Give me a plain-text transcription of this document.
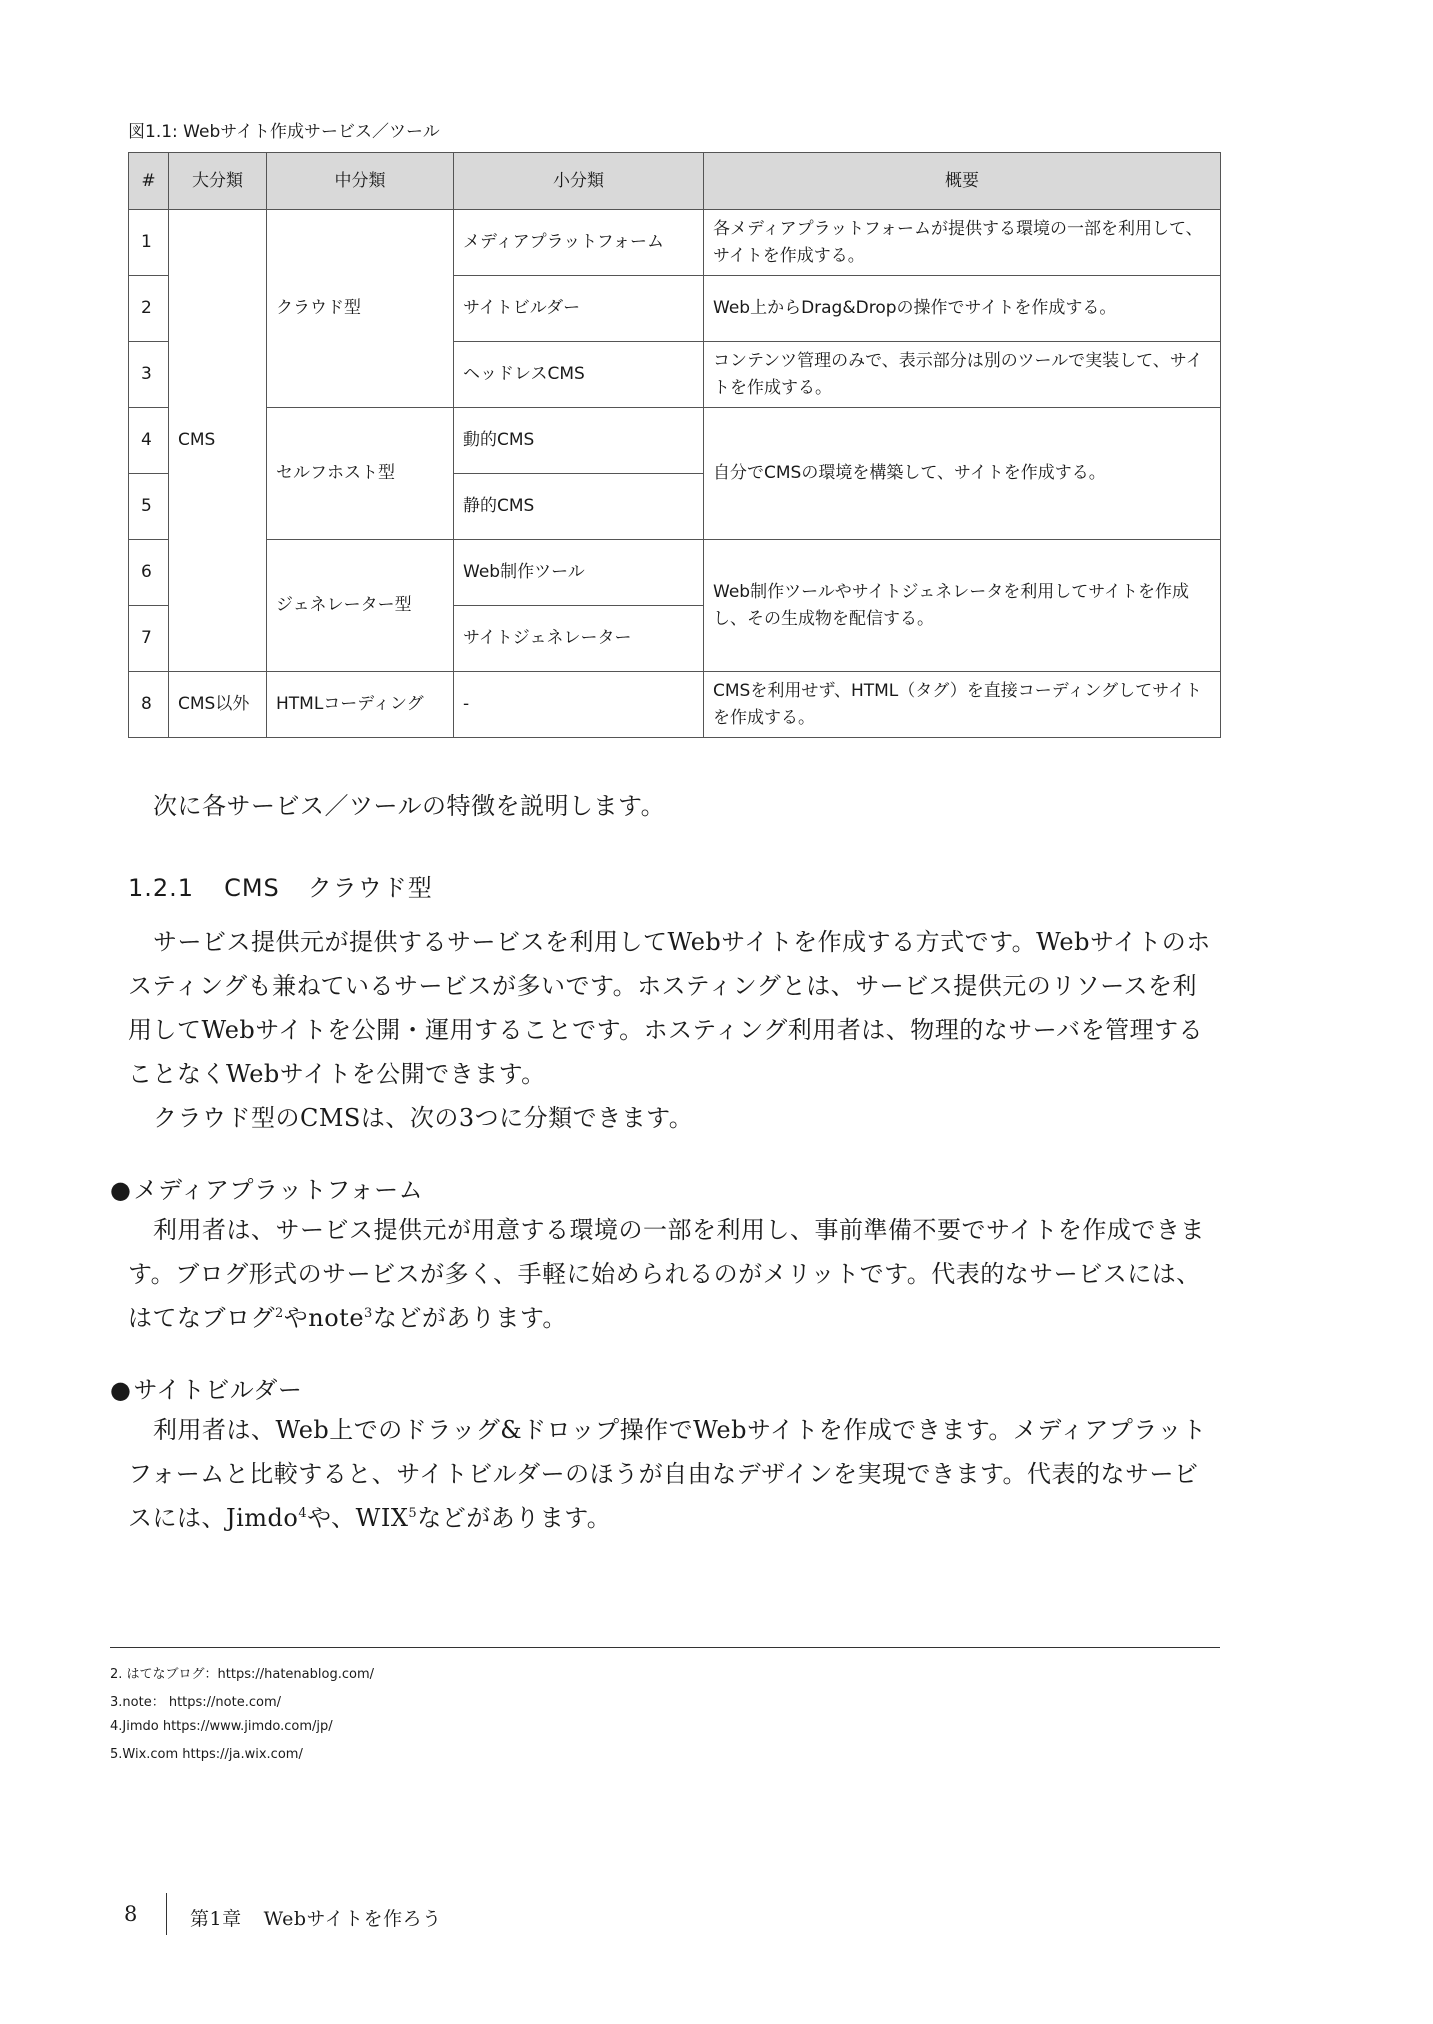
図1.1: Webサイト作成サービス／ツール
#	大分類	中分類	小分類	概要
1	CMS	クラウド型	メディアプラットフォーム	各メディアプラットフォームが提供する環境の一部を利用して、サイトを作成する。
2			サイトビルダー	Web上からDrag&Dropの操作でサイトを作成する。
3			ヘッドレスCMS	コンテンツ管理のみで、表示部分は別のツールで実装して、サイトを作成する。
4		セルフホスト型	動的CMS	自分でCMSの環境を構築して、サイトを作成する。
5			静的CMS	
6		ジェネレーター型	Web制作ツール	Web制作ツールやサイトジェネレータを利用してサイトを作成し、その生成物を配信する。
7			サイトジェネレーター	
8	CMS以外	HTMLコーディング	-	CMSを利用せず、HTML（タグ）を直接コーディングしてサイトを作成する。

次に各サービス／ツールの特徴を説明します。

1.2.1 CMS クラウド型

サービス提供元が提供するサービスを利用してWebサイトを作成する方式です。Webサイトのホスティングも兼ねているサービスが多いです。ホスティングとは、サービス提供元のリソースを利用してWebサイトを公開・運用することです。ホスティング利用者は、物理的なサーバを管理することなくWebサイトを公開できます。

クラウド型のCMSは、次の3つに分類できます。

●メディアプラットフォーム

利用者は、サービス提供元が用意する環境の一部を利用し、事前準備不要でサイトを作成できます。ブログ形式のサービスが多く、手軽に始められるのがメリットです。代表的なサービスには、はてなブログ$^2$やnote$^3$などがあります。

●サイトビルダー

利用者は、Web上でのドラッグ&ドロップ操作でWebサイトを作成できます。メディアプラットフォームと比較すると、サイトビルダーのほうが自由なデザインを実現できます。代表的なサービスには、Jimdo$^4$や、WIX$^5$などがあります。

2. はてなブログ：https://hatenablog.com/
3.note： https://note.com/
4.Jimdo https://www.jimdo.com/jp/
5.Wix.com https://ja.wix.com/
8	第1章 Webサイトを作ろう
